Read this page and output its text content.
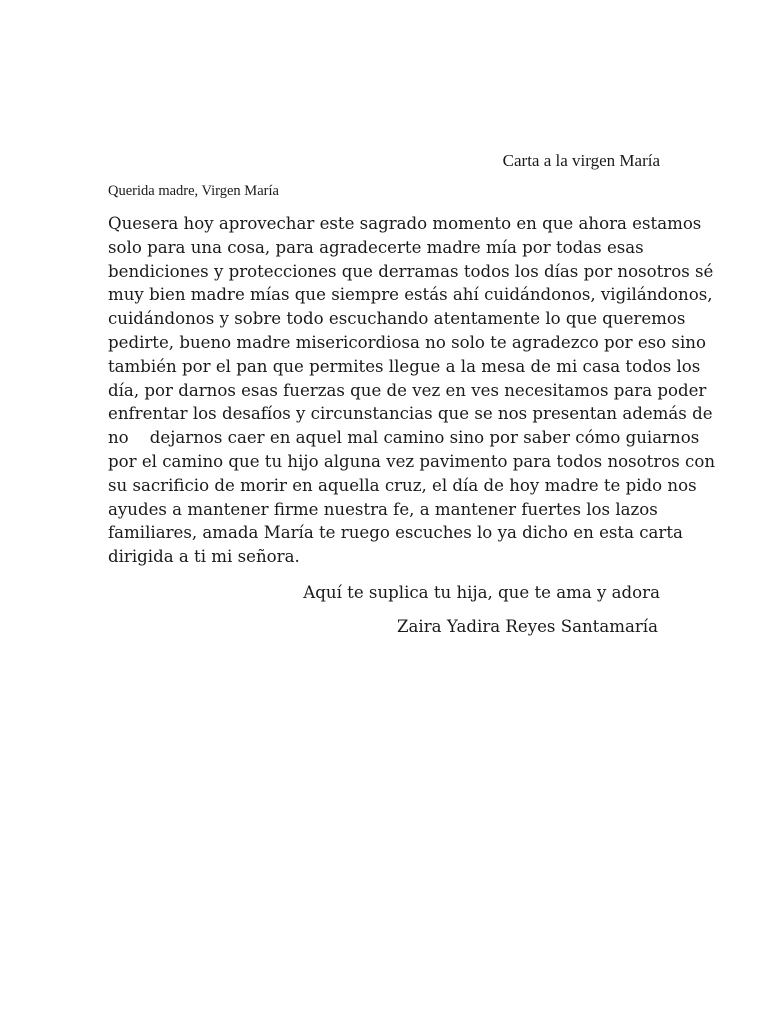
Carta a la virgen María
Querida madre, Virgen María
Quesera hoy aprovechar este sagrado momento en que ahora estamos
solo para una cosa, para agradecerte madre mía por todas esas
bendiciones y protecciones que derramas todos los días por nosotros sé
muy bien madre mías que siempre estás ahí cuidándonos, vigilándonos,
cuidándonos y sobre todo escuchando atentamente lo que queremos
pedirte, bueno madre misericordiosa no solo te agradezco por eso sino
también por el pan que permites llegue a la mesa de mi casa todos los
día, por darnos esas fuerzas que de vez en ves necesitamos para poder
enfrentar los desafíos y circunstancias que se nos presentan además de
no    dejarnos caer en aquel mal camino sino por saber cómo guiarnos
por el camino que tu hijo alguna vez pavimento para todos nosotros con
su sacrificio de morir en aquella cruz, el día de hoy madre te pido nos
ayudes a mantener firme nuestra fe, a mantener fuertes los lazos
familiares, amada María te ruego escuches lo ya dicho en esta carta
dirigida a ti mi señora.
Aquí te suplica tu hija, que te ama y adora
Zaira Yadira Reyes Santamaría
